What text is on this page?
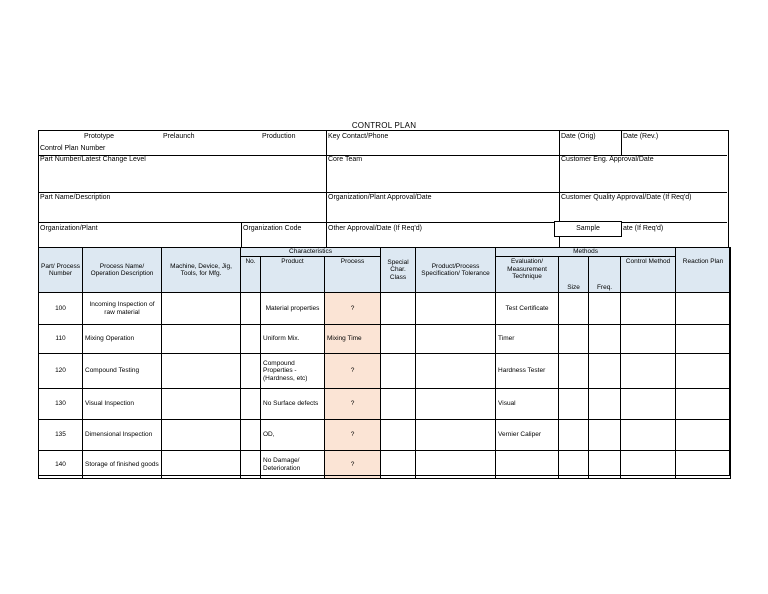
CONTROL PLAN
Prototype	Prelaunch	Production
Control Plan Number
Key Contact/Phone	Date (Orig)	Date (Rev.)
Part Number/Latest Change Level	Core Team	Customer Eng. Approval/Date
Part Name/Description	Organization/Plant Approval/Date	Customer Quality Approval/Date (If Req'd)
Organization/Plant	Organization Code	Other Approval/Date (If Req'd)	ate (If Req'd)
Sample
Part/ Process Number	Process Name/ Operation Description	Machine, Device, Jig, Tools, for Mfg.	Characteristics			Special Char. Class	Product/Process Specification/ Tolerance	Methods				Reaction Plan
			No.	Product	Process			Evaluation/ Measurement Technique	Size	Freq.	Control Method	
100	Incoming Inspection of raw material			Material properties	?			Test Certificate				
110	Mixing Operation			Uniform Mix.	Mixing Time			Timer				
120	Compound Testing			Compound Properties - (Hardness, etc)	?			Hardness Tester				
130	Visual Inspection			No Surface defects	?			Visual				
135	Dimensional Inspection			OD,	?			Vernier Caliper				
140	Storage of finished goods			No Damage/ Deterioration	?							
